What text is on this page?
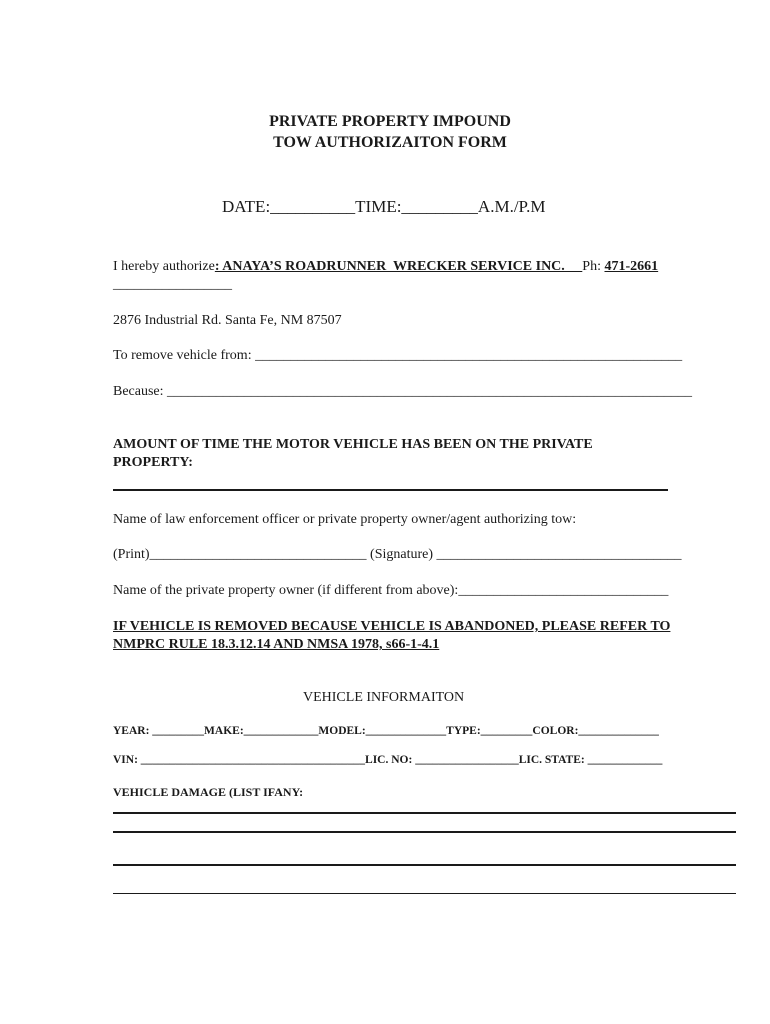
PRIVATE PROPERTY IMPOUND
TOW AUTHORIZAITON FORM
DATE:__________TIME:_________A.M./P.M
I hereby authorize: ANAYA’S ROADRUNNER  WRECKER SERVICE INC.     Ph: 471-2661
_________________
2876 Industrial Rd. Santa Fe, NM 87507
To remove vehicle from: _____________________________________________________________
Because: ___________________________________________________________________________
AMOUNT OF TIME THE MOTOR VEHICLE HAS BEEN ON THE PRIVATE
PROPERTY:
Name of law enforcement officer or private property owner/agent authorizing tow:
(Print)_______________________________ (Signature) ___________________________________
Name of the private property owner (if different from above):______________________________
IF VEHICLE IS REMOVED BECAUSE VEHICLE IS ABANDONED, PLEASE REFER TO
NMPRC RULE 18.3.12.14 AND NMSA 1978, s66-1-4.1
VEHICLE INFORMAITON
YEAR: _________MAKE:_____________MODEL:______________TYPE:_________COLOR:______________
VIN: _______________________________________LIC. NO: __________________LIC. STATE: _____________
VEHICLE DAMAGE (LIST IFANY:
